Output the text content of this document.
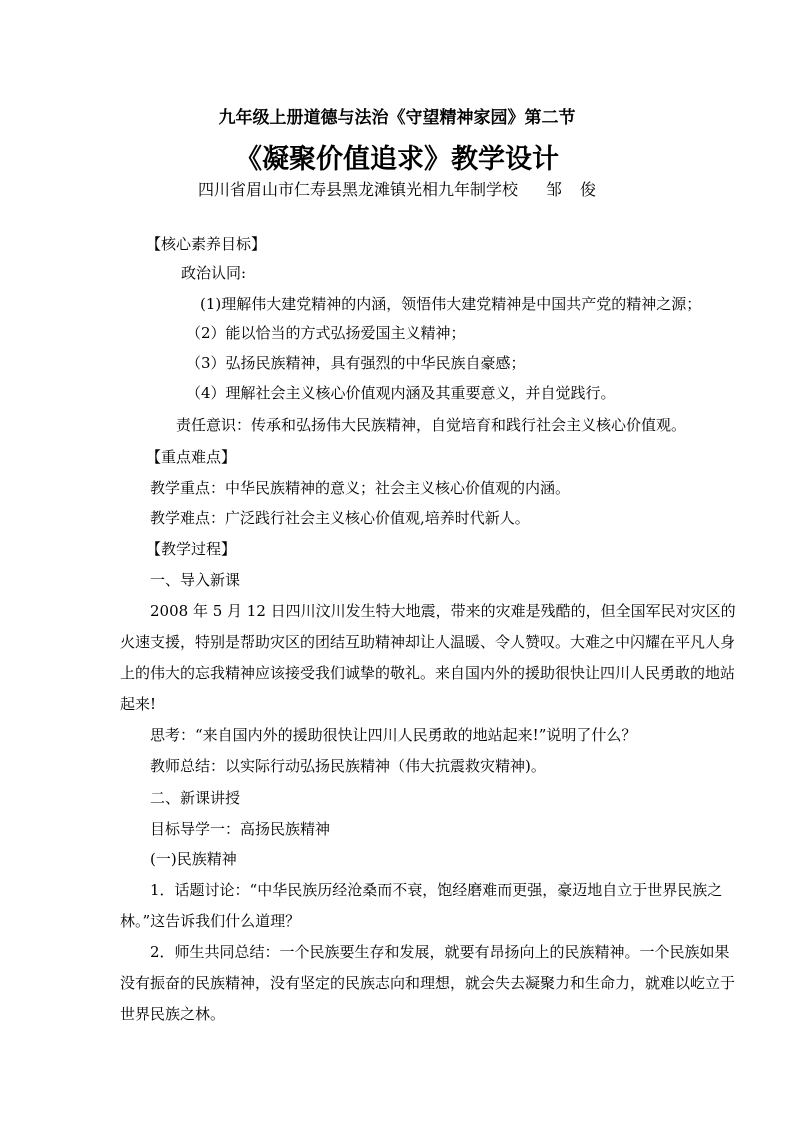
九年级上册道德与法治《守望精神家园》第二节
《凝聚价值追求》教学设计
四川省眉山市仁寿县黑龙滩镇光相九年制学校 邹 俊
【核心素养目标】
政治认同:
(1)理解伟大建党精神的内涵，领悟伟大建党精神是中国共产党的精神之源；
（2）能以恰当的方式弘扬爱国主义精神；
（3）弘扬民族精神，具有强烈的中华民族自豪感；
（4）理解社会主义核心价值观内涵及其重要意义，并自觉践行。
责任意识：传承和弘扬伟大民族精神，自觉培育和践行社会主义核心价值观。
【重点难点】
教学重点：中华民族精神的意义；社会主义核心价值观的内涵。
教学难点：广泛践行社会主义核心价值观,培养时代新人。
【教学过程】
一、导入新课
2008 年 5 月 12 日四川汶川发生特大地震，带来的灾难是残酷的，但全国军民对灾区的火速支援，特别是帮助灾区的团结互助精神却让人温暖、令人赞叹。大难之中闪耀在平凡人身上的伟大的忘我精神应该接受我们诚挚的敬礼。来自国内外的援助很快让四川人民勇敢的地站起来!
思考：“来自国内外的援助很快让四川人民勇敢的地站起来!”说明了什么？
教师总结：以实际行动弘扬民族精神（伟大抗震救灾精神)。
二、新课讲授
目标导学一：高扬民族精神
(一)民族精神
1．话题讨论：“中华民族历经沧桑而不衰，饱经磨难而更强，豪迈地自立于世界民族之林。”这告诉我们什么道理？
2．师生共同总结：一个民族要生存和发展，就要有昂扬向上的民族精神。一个民族如果没有振奋的民族精神，没有坚定的民族志向和理想，就会失去凝聚力和生命力，就难以屹立于世界民族之林。
